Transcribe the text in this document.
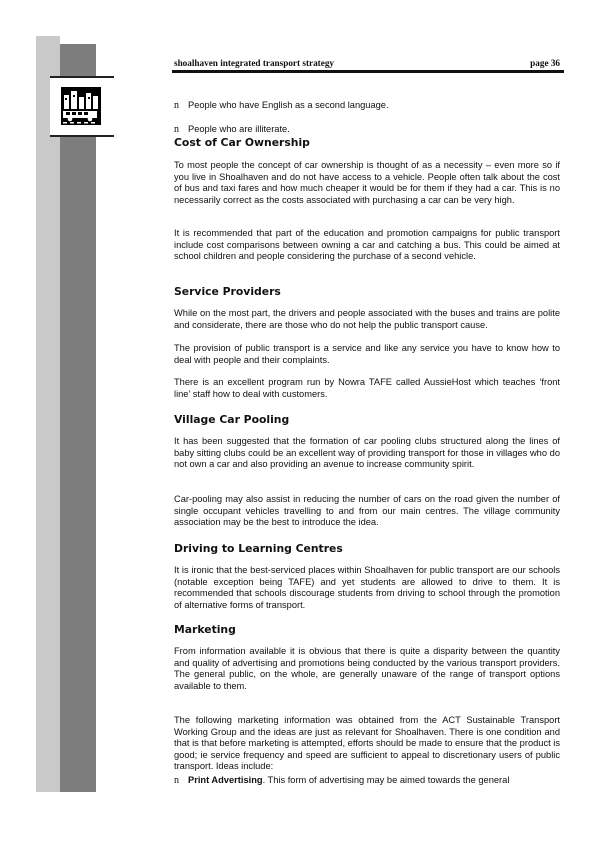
shoalhaven integrated transport strategy	page 36
n People who have English as a second language.
n People who are illiterate.
Cost of Car Ownership

To most people the concept of car ownership is thought of as a necessity – even more so if you live in Shoalhaven and do not have access to a vehicle. People often talk about the cost of bus and taxi fares and how much cheaper it would be for them if they had a car. This is no necessarily correct as the costs associated with purchasing a car can be very high.

It is recommended that part of the education and promotion campaigns for public transport include cost comparisons between owning a car and catching a bus. This could be aimed at school children and people considering the purchase of a second vehicle.

Service Providers

While on the most part, the drivers and people associated with the buses and trains are polite and considerate, there are those who do not help the public transport cause.

The provision of public transport is a service and like any service you have to know how to deal with people and their complaints.

There is an excellent program run by Nowra TAFE called AussieHost which teaches ‘front line’ staff how to deal with customers.

Village Car Pooling

It has been suggested that the formation of car pooling clubs structured along the lines of baby sitting clubs could be an excellent way of providing transport for those in villages who do not own a car and also providing an avenue to increase community spirit.

Car-pooling may also assist in reducing the number of cars on the road given the number of single occupant vehicles travelling to and from our main centres. The village community association may be the best to introduce the idea.

Driving to Learning Centres

It is ironic that the best-serviced places within Shoalhaven for public transport are our schools (notable exception being TAFE) and yet students are allowed to drive to them. It is recommended that schools discourage students from driving to school through the promotion of alternative forms of transport.

Marketing

From information available it is obvious that there is quite a disparity between the quantity and quality of advertising and promotions being conducted by the various transport providers. The general public, on the whole, are generally unaware of the range of transport options available to them.

The following marketing information was obtained from the ACT Sustainable Transport Working Group and the ideas are just as relevant for Shoalhaven. There is one condition and that is that before marketing is attempted, efforts should be made to ensure that the product is good; ie service frequency and speed are sufficient to appeal to discretionary users of public transport. Ideas include:

n Print Advertising. This form of advertising may be aimed towards the general
